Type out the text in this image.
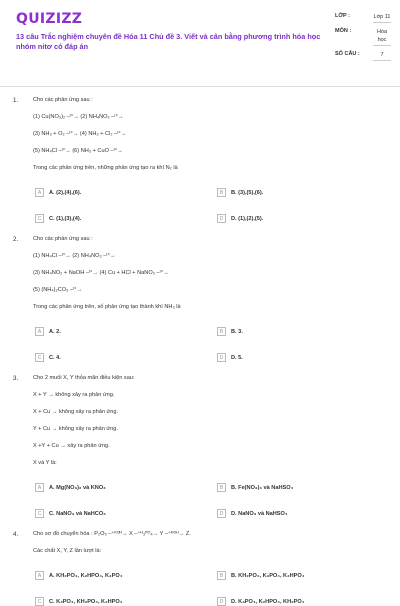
QUIZIZZ
13 câu Trắc nghiệm chuyên đề Hóa 11 Chủ đề 3. Viết và cân bằng phương trình hóa học nhóm nitơ có đáp án
LỚP :	Lớp 11
MÔN :	Hóa học
SỐ CÂU :	7
1.	Cho các phản ứng sau :
(1) Cu(NO₃)₂ –ᵗ°→ (2) NH₄NO₂ –ᵗ°→
(3) NH₃ + O₂ –ᵗ°→ (4) NH₃ + Cl₂ –ᵗ°→
(5) NH₄Cl –ᵗ°→ (6) NH₃ + CuO –ᵗ°→
Trong các phản ứng trên, những phản ứng tạo ra khí N₂ là
A	A. (2),(4),(6).	B	B. (3),(5),(6).
C	C. (1),(3),(4).	D	D. (1),(2),(5).
2.	Cho các phản ứng sau :
(1) NH₄Cl –ᵗ°→ (2) NH₄NO₃ –ᵗ°→
(3) NH₄NO₂ + NaOH –ᵗ°→ (4) Cu + HCl + NaNO₃ –ᵗ°→
(5) (NH₄)₂CO₃ –ᵗ°→
Trong các phản ứng trên, số phản ứng tạo thành khí NH₃ là
A	A. 2.	B	B. 3.
C	C. 4.	D	D. 5.
3.	Cho 2 muối X, Y thỏa mãn điều kiện sau:
X + Y → không xảy ra phản ứng.
X + Cu → không xảy ra phản ứng.
Y + Cu → không xảy ra phản ứng.
X +Y + Cu → xảy ra phản ứng.
X và Y là:
A	A. Mg(NO₃)₂ và KNO₃	B	B. Fe(NO₃)₃ và NaHSO₄
C	C. NaNO₃ và NaHCO₃	D	D. NaNO₃ và NaHSO₄
4.	Cho sơ đồ chuyển hóa : P₂O₅ –⁺ᴷᴼᴴ→ X –⁺ᴴ₃ᴾᴼ₄→ Y –⁺ᴷᴼᴴ→ Z.
Các chất X, Y, Z lần lượt là:
A	A. KH₂PO₄, K₂HPO₄, K₃PO₄	B	B. KH₂PO₄, K₃PO₄, K₂HPO₄
C	C. K₃PO₄, KH₂PO₄, K₂HPO₄	D	D. K₃PO₄, K₂HPO₄, KH₂PO₄
